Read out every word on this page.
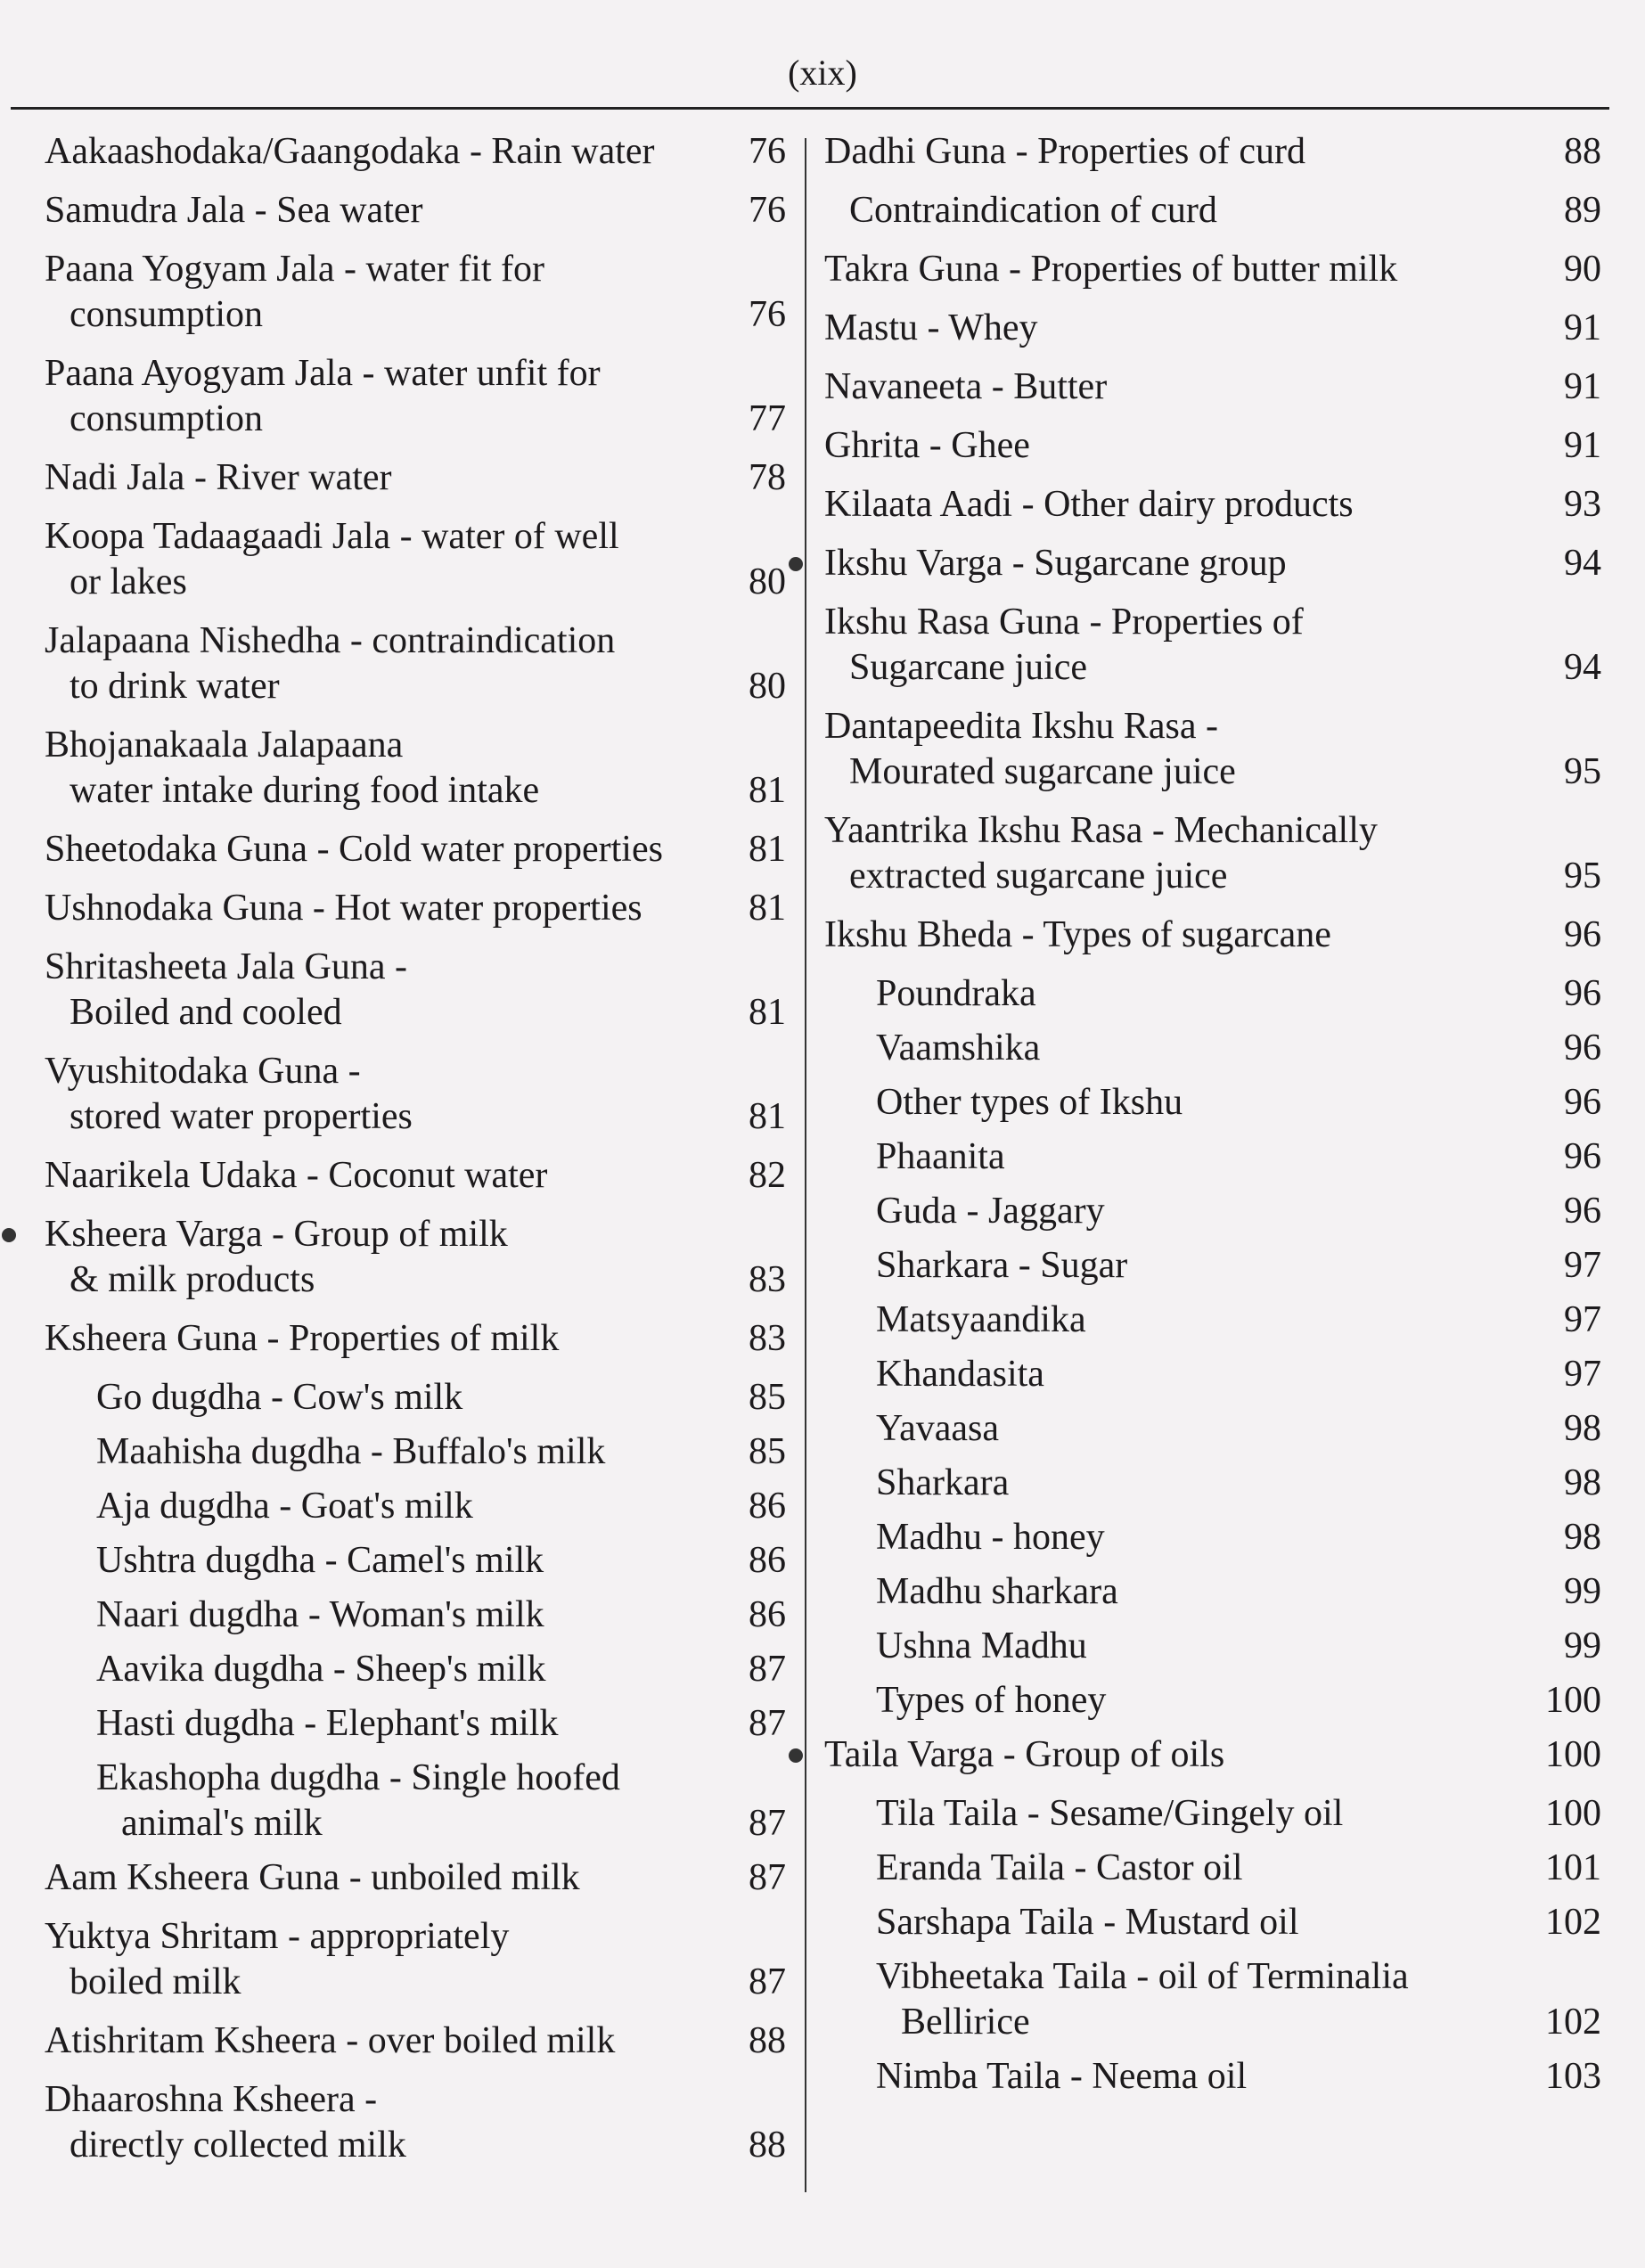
(xix)
Aakaashodaka/Gaangodaka - Rain water	76
Samudra Jala - Sea water	76
Paana Yogyam Jala - water fit for
consumption	76
Paana Ayogyam Jala - water unfit for
consumption	77
Nadi Jala - River water	78
Koopa Tadaagaadi Jala - water of well
or lakes	80
Jalapaana Nishedha - contraindication
to drink water	80
Bhojanakaala Jalapaana
water intake during food intake	81
Sheetodaka Guna - Cold water properties	81
Ushnodaka Guna - Hot water properties	81
Shritasheeta Jala Guna -
Boiled and cooled	81
Vyushitodaka Guna -
stored water properties	81
Naarikela Udaka - Coconut water	82
Ksheera Varga - Group of milk
& milk products	83
Ksheera Guna - Properties of milk	83
Go dugdha - Cow's milk	85
Maahisha dugdha - Buffalo's milk	85
Aja dugdha - Goat's milk	86
Ushtra dugdha - Camel's milk	86
Naari dugdha - Woman's milk	86
Aavika dugdha - Sheep's milk	87
Hasti dugdha - Elephant's milk	87
Ekashopha dugdha - Single hoofed
animal's milk	87
Aam Ksheera Guna - unboiled milk	87
Yuktya Shritam - appropriately
boiled milk	87
Atishritam Ksheera - over boiled milk	88
Dhaaroshna Ksheera -
directly collected milk	88
Dadhi Guna - Properties of curd	88
Contraindication of curd	89
Takra Guna - Properties of butter milk	90
Mastu - Whey	91
Navaneeta - Butter	91
Ghrita - Ghee	91
Kilaata Aadi - Other dairy products	93
Ikshu Varga - Sugarcane group	94
Ikshu Rasa Guna - Properties of
Sugarcane juice	94
Dantapeedita Ikshu Rasa -
Mourated sugarcane juice	95
Yaantrika Ikshu Rasa - Mechanically
extracted sugarcane juice	95
Ikshu Bheda - Types of sugarcane	96
Poundraka	96
Vaamshika	96
Other types of Ikshu	96
Phaanita	96
Guda - Jaggary	96
Sharkara - Sugar	97
Matsyaandika	97
Khandasita	97
Yavaasa	98
Sharkara	98
Madhu - honey	98
Madhu sharkara	99
Ushna Madhu	99
Types of honey	100
Taila Varga - Group of oils	100
Tila Taila - Sesame/Gingely oil	100
Eranda Taila - Castor oil	101
Sarshapa Taila - Mustard oil	102
Vibheetaka Taila - oil of Terminalia
Bellirice	102
Nimba Taila - Neema oil	103
